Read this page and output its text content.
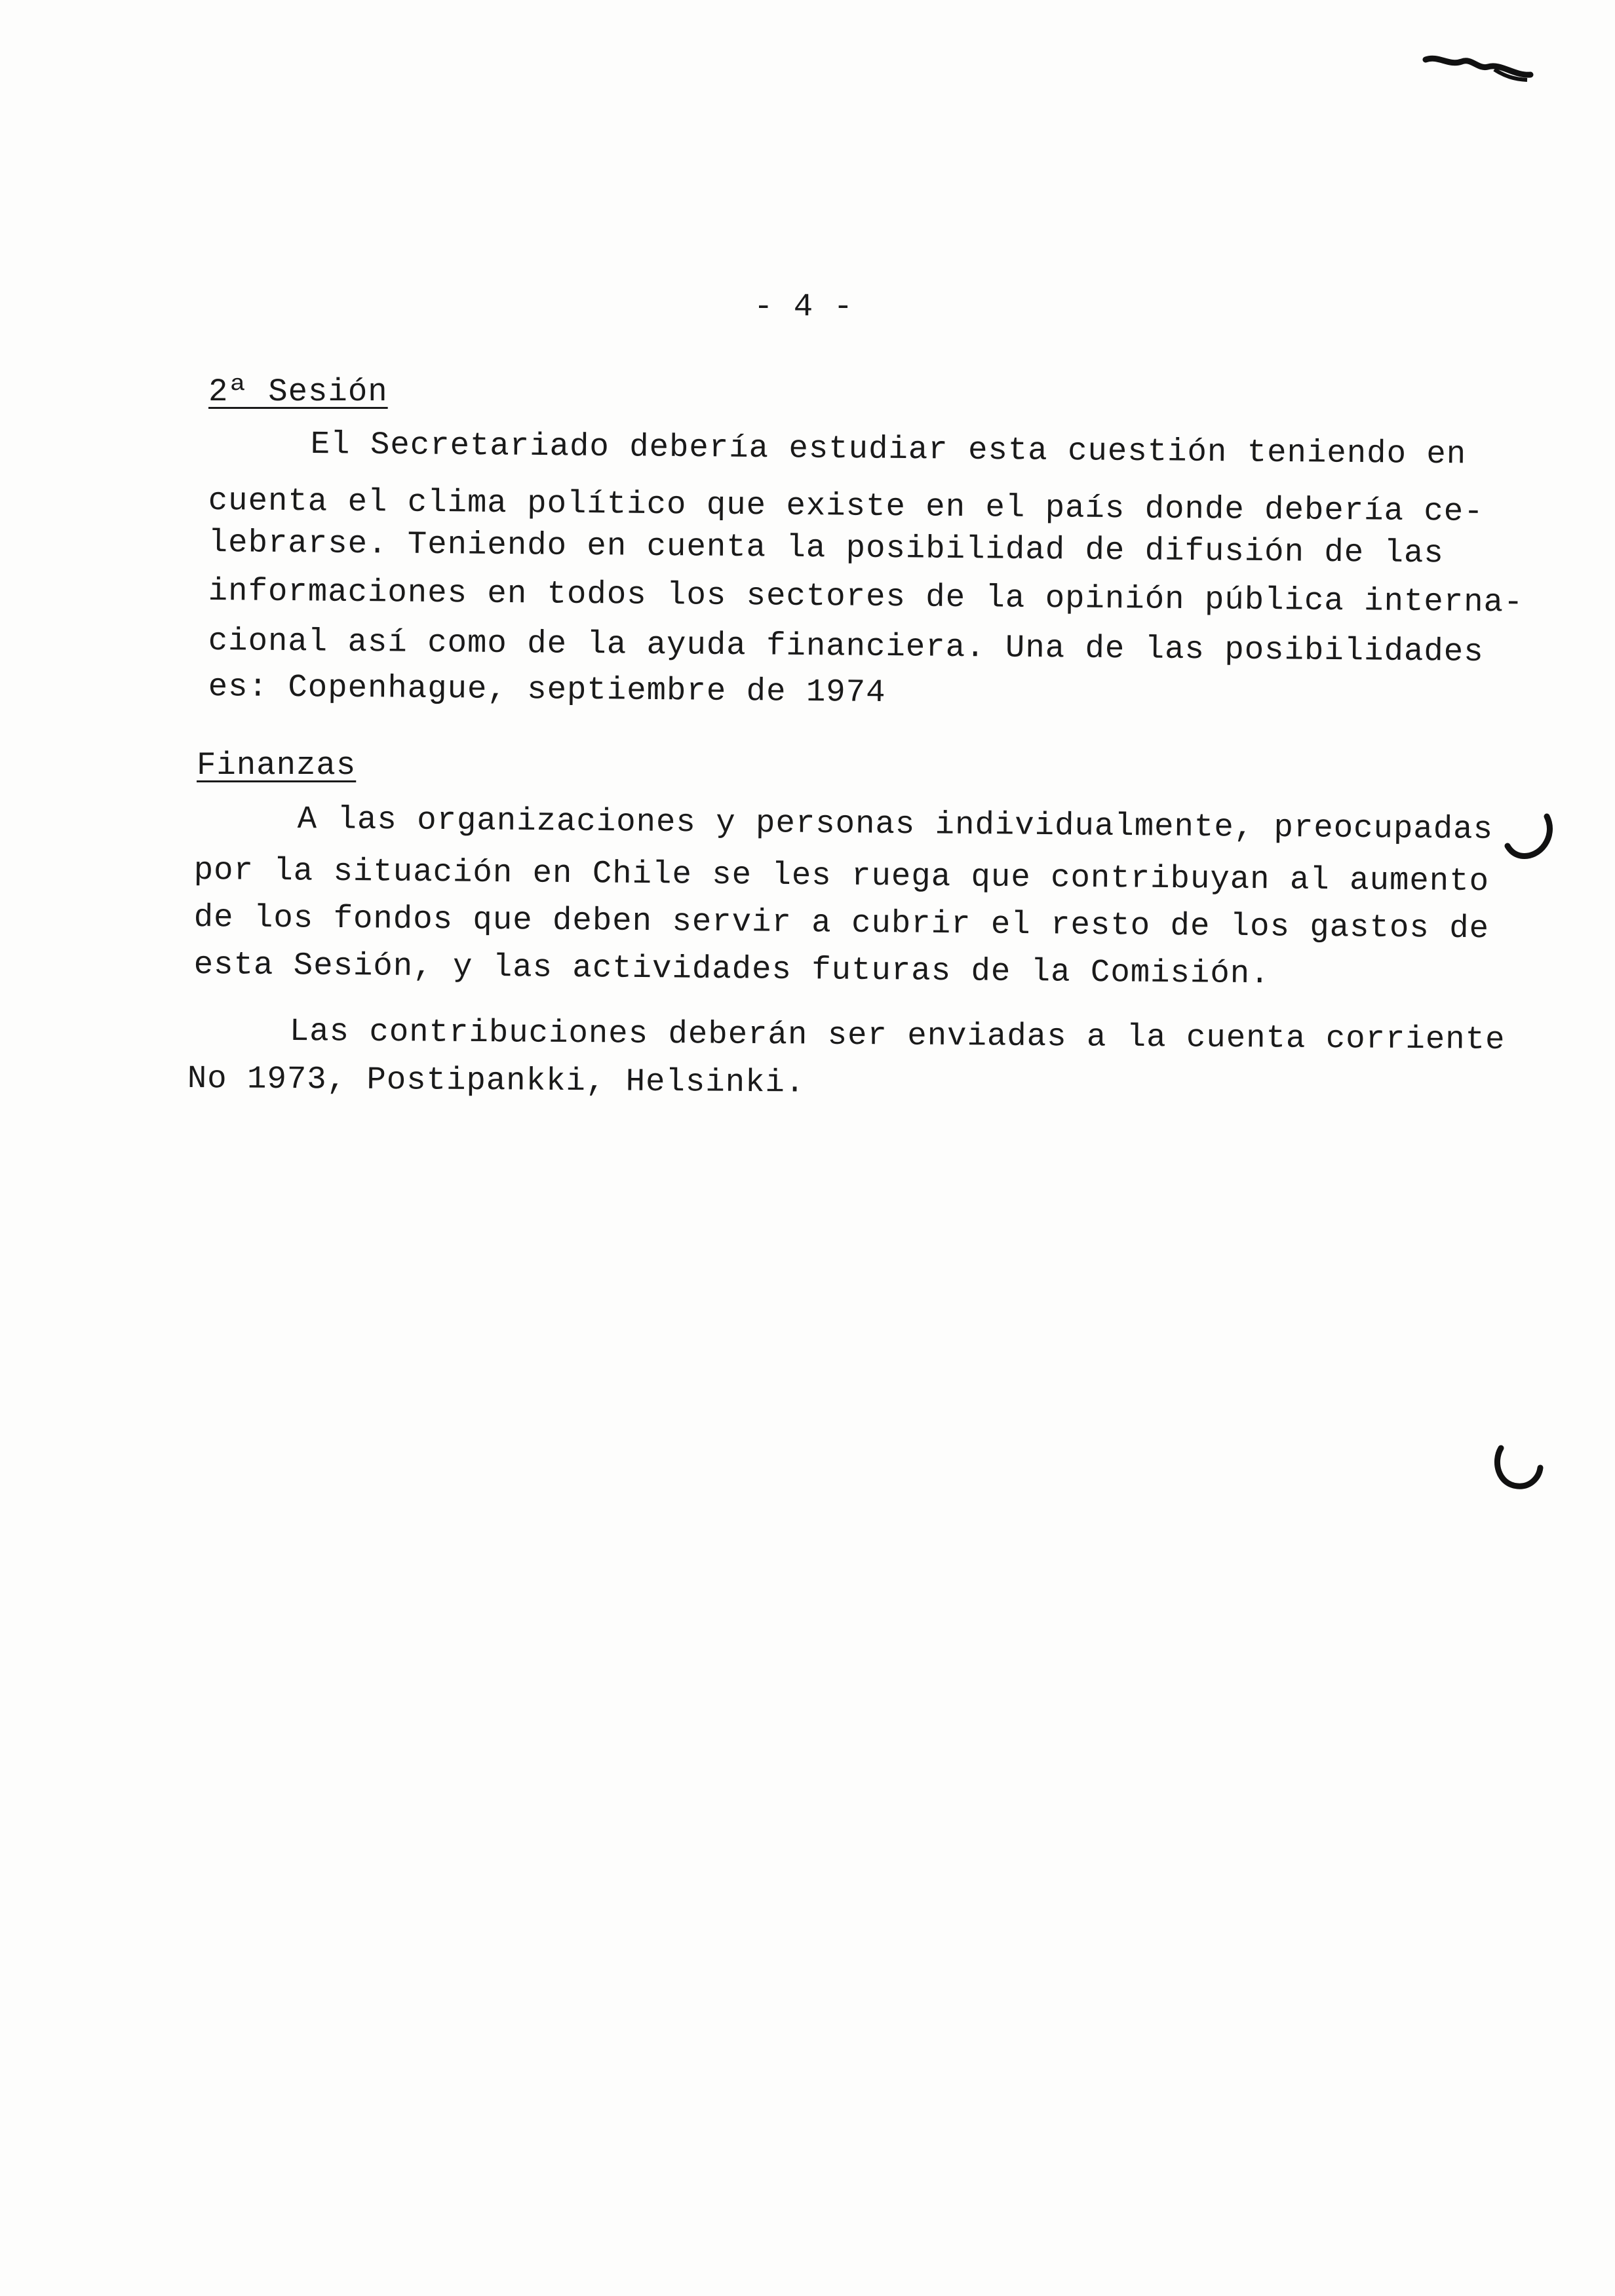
- 4 -
2ª Sesión
El Secretariado debería estudiar esta cuestión teniendo en
cuenta el clima político que existe en el país donde debería ce-
lebrarse. Teniendo en cuenta la posibilidad de difusión de las
informaciones en todos los sectores de la opinión pública interna-
cional así como de la ayuda financiera. Una de las posibilidades
es: Copenhague, septiembre de 1974
Finanzas
A las organizaciones y personas individualmente, preocupadas
por la situación en Chile se les ruega que contribuyan al aumento
de los fondos que deben servir a cubrir el resto de los gastos de
esta Sesión, y las actividades futuras de la Comisión.
Las contribuciones deberán ser enviadas a la cuenta corriente
No 1973, Postipankki, Helsinki.
